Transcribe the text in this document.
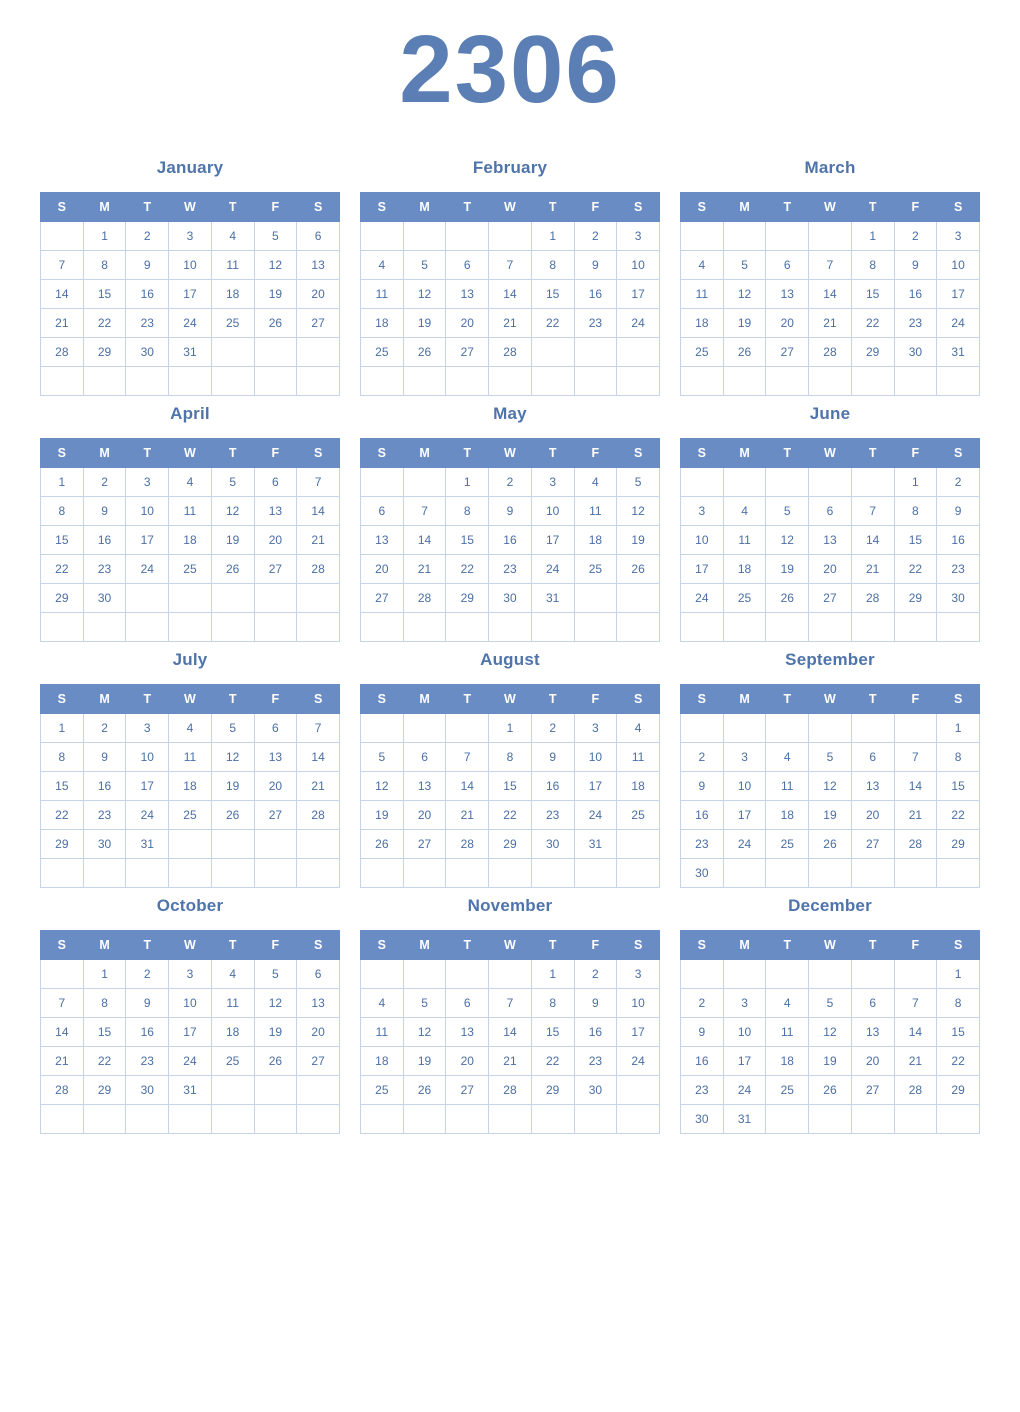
2306
January
S	M	T	W	T	F	S
	1	2	3	4	5	6
7	8	9	10	11	12	13
14	15	16	17	18	19	20
21	22	23	24	25	26	27
28	29	30	31			

February
S	M	T	W	T	F	S
				1	2	3
4	5	6	7	8	9	10
11	12	13	14	15	16	17
18	19	20	21	22	23	24
25	26	27	28			

March
S	M	T	W	T	F	S
				1	2	3
4	5	6	7	8	9	10
11	12	13	14	15	16	17
18	19	20	21	22	23	24
25	26	27	28	29	30	31

April
S	M	T	W	T	F	S
1	2	3	4	5	6	7
8	9	10	11	12	13	14
15	16	17	18	19	20	21
22	23	24	25	26	27	28
29	30					

May
S	M	T	W	T	F	S
		1	2	3	4	5
6	7	8	9	10	11	12
13	14	15	16	17	18	19
20	21	22	23	24	25	26
27	28	29	30	31		

June
S	M	T	W	T	F	S
					1	2
3	4	5	6	7	8	9
10	11	12	13	14	15	16
17	18	19	20	21	22	23
24	25	26	27	28	29	30

July
S	M	T	W	T	F	S
1	2	3	4	5	6	7
8	9	10	11	12	13	14
15	16	17	18	19	20	21
22	23	24	25	26	27	28
29	30	31				

August
S	M	T	W	T	F	S
			1	2	3	4
5	6	7	8	9	10	11
12	13	14	15	16	17	18
19	20	21	22	23	24	25
26	27	28	29	30	31	

September
S	M	T	W	T	F	S
						1
2	3	4	5	6	7	8
9	10	11	12	13	14	15
16	17	18	19	20	21	22
23	24	25	26	27	28	29
30						
October
S	M	T	W	T	F	S
	1	2	3	4	5	6
7	8	9	10	11	12	13
14	15	16	17	18	19	20
21	22	23	24	25	26	27
28	29	30	31			

November
S	M	T	W	T	F	S
				1	2	3
4	5	6	7	8	9	10
11	12	13	14	15	16	17
18	19	20	21	22	23	24
25	26	27	28	29	30	

December
S	M	T	W	T	F	S
						1
2	3	4	5	6	7	8
9	10	11	12	13	14	15
16	17	18	19	20	21	22
23	24	25	26	27	28	29
30	31					
